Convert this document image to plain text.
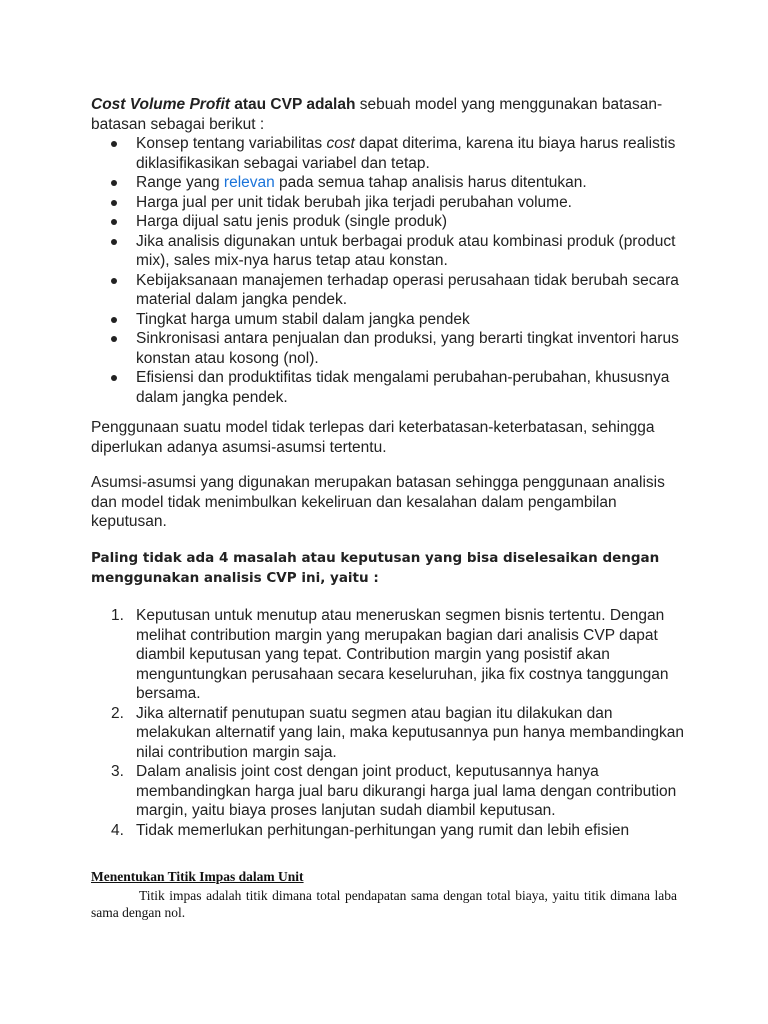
Cost Volume Profit atau CVP adalah sebuah model yang menggunakan batasan-batasan sebagai berikut :
Konsep tentang variabilitas cost dapat diterima, karena itu biaya harus realistis diklasifikasikan sebagai variabel dan tetap.
Range yang relevan pada semua tahap analisis harus ditentukan.
Harga jual per unit tidak berubah jika terjadi perubahan volume.
Harga dijual satu jenis produk (single produk)
Jika analisis digunakan untuk berbagai produk atau kombinasi produk (product mix), sales mix-nya harus tetap atau konstan.
Kebijaksanaan manajemen terhadap operasi perusahaan tidak berubah secara material dalam jangka pendek.
Tingkat harga umum stabil dalam jangka pendek
Sinkronisasi antara penjualan dan produksi, yang berarti tingkat inventori harus konstan atau kosong (nol).
Efisiensi dan produktifitas tidak mengalami perubahan-perubahan, khususnya dalam jangka pendek.
Penggunaan suatu model tidak terlepas dari keterbatasan-keterbatasan, sehingga diperlukan adanya asumsi-asumsi tertentu.
Asumsi-asumsi yang digunakan merupakan batasan sehingga penggunaan analisis dan model tidak menimbulkan kekeliruan dan kesalahan dalam pengambilan keputusan.
Paling tidak ada 4 masalah atau keputusan yang bisa diselesaikan dengan menggunakan analisis CVP ini, yaitu :
1. Keputusan untuk menutup atau meneruskan segmen bisnis tertentu. Dengan melihat contribution margin yang merupakan bagian dari analisis CVP dapat diambil keputusan yang tepat. Contribution margin yang posistif akan menguntungkan perusahaan secara keseluruhan, jika fix costnya tanggungan bersama.
2. Jika alternatif penutupan suatu segmen atau bagian itu dilakukan dan melakukan alternatif yang lain, maka keputusannya pun hanya membandingkan nilai contribution margin saja.
3. Dalam analisis joint cost dengan joint product, keputusannya hanya membandingkan harga jual baru dikurangi harga jual lama dengan contribution margin, yaitu biaya proses lanjutan sudah diambil keputusan.
4. Tidak memerlukan perhitungan-perhitungan yang rumit dan lebih efisien
Menentukan Titik Impas dalam Unit
Titik impas adalah titik dimana total pendapatan sama dengan total biaya, yaitu titik dimana laba sama dengan nol.
